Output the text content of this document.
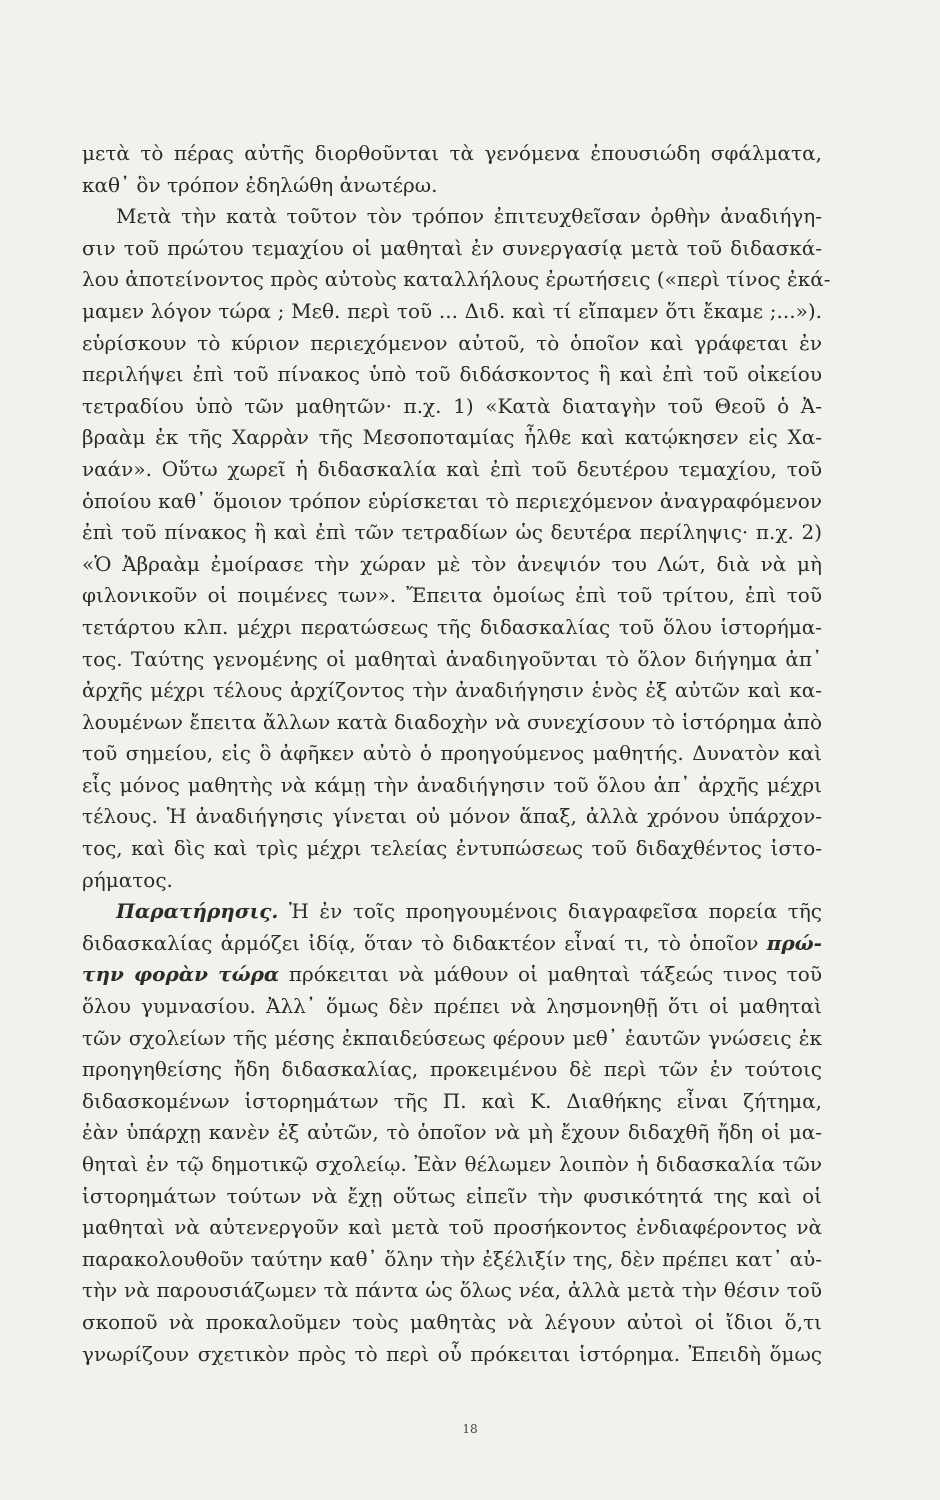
μετὰ τὸ πέρας αὐτῆς διορθοῦνται τὰ γενόμενα ἐπουσιώδη σφάλματα,
καθ᾽ ὃν τρόπον ἐδηλώθη ἀνωτέρω.
Μετὰ τὴν κατὰ τοῦτον τὸν τρόπον ἐπιτευχθεῖσαν ὀρθὴν ἀναδιήγη-
σιν τοῦ πρώτου τεμαχίου οἱ μαθηταὶ ἐν συνεργασίᾳ μετὰ τοῦ διδασκά-
λου ἀποτείνοντος πρὸς αὐτοὺς καταλλήλους ἐρωτήσεις («περὶ τίνος ἐκά-
μαμεν λόγον τώρα ; Μεθ. περὶ τοῦ ... Διδ. καὶ τί εἴπαμεν ὅτι ἔκαμε ;...»).
εὑρίσκουν τὸ κύριον περιεχόμενον αὐτοῦ, τὸ ὁποῖον καὶ γράφεται ἐν
περιλήψει ἐπὶ τοῦ πίνακος ὑπὸ τοῦ διδάσκοντος ἢ καὶ ἐπὶ τοῦ οἰκείου
τετραδίου ὑπὸ τῶν μαθητῶν· π.χ. 1) «Κατὰ διαταγὴν τοῦ Θεοῦ ὁ Ἀ-
βραὰμ ἐκ τῆς Χαρρὰν τῆς Μεσοποταμίας ἦλθε καὶ κατῴκησεν εἰς Χα-
ναάν». Οὕτω χωρεῖ ἡ διδασκαλία καὶ ἐπὶ τοῦ δευτέρου τεμαχίου, τοῦ
ὁποίου καθ᾽ ὅμοιον τρόπον εὑρίσκεται τὸ περιεχόμενον ἀναγραφόμενον
ἐπὶ τοῦ πίνακος ἢ καὶ ἐπὶ τῶν τετραδίων ὡς δευτέρα περίληψις· π.χ. 2)
«Ὁ Ἀβραὰμ ἐμοίρασε τὴν χώραν μὲ τὸν ἀνεψιόν του Λώτ, διὰ νὰ μὴ
φιλονικοῦν οἱ ποιμένες των». Ἔπειτα ὁμοίως ἐπὶ τοῦ τρίτου, ἐπὶ τοῦ
τετάρτου κλπ. μέχρι περατώσεως τῆς διδασκαλίας τοῦ ὅλου ἱστορήμα-
τος. Ταύτης γενομένης οἱ μαθηταὶ ἀναδιηγοῦνται τὸ ὅλον διήγημα ἀπ᾽
ἀρχῆς μέχρι τέλους ἀρχίζοντος τὴν ἀναδιήγησιν ἑνὸς ἐξ αὐτῶν καὶ κα-
λουμένων ἔπειτα ἄλλων κατὰ διαδοχὴν νὰ συνεχίσουν τὸ ἱστόρημα ἀπὸ
τοῦ σημείου, εἰς ὃ ἀφῆκεν αὐτὸ ὁ προηγούμενος μαθητής. Δυνατὸν καὶ
εἷς μόνος μαθητὴς νὰ κάμῃ τὴν ἀναδιήγησιν τοῦ ὅλου ἀπ᾽ ἀρχῆς μέχρι
τέλους. Ἡ ἀναδιήγησις γίνεται οὐ μόνον ἅπαξ, ἀλλὰ χρόνου ὑπάρχον-
τος, καὶ δὶς καὶ τρὶς μέχρι τελείας ἐντυπώσεως τοῦ διδαχθέντος ἱστο-
ρήματος.
Παρατήρησις. Ἡ ἐν τοῖς προηγουμένοις διαγραφεῖσα πορεία τῆς
διδασκαλίας ἁρμόζει ἰδίᾳ, ὅταν τὸ διδακτέον εἶναί τι, τὸ ὁποῖον πρώ-
την φορὰν τώρα πρόκειται νὰ μάθουν οἱ μαθηταὶ τάξεώς τινος τοῦ
ὅλου γυμνασίου. Ἀλλ᾽ ὅμως δὲν πρέπει νὰ λησμονηθῇ ὅτι οἱ μαθηταὶ
τῶν σχολείων τῆς μέσης ἐκπαιδεύσεως φέρουν μεθ᾽ ἑαυτῶν γνώσεις ἐκ
προηγηθείσης ἤδη διδασκαλίας, προκειμένου δὲ περὶ τῶν ἐν τούτοις
διδασκομένων ἱστορημάτων τῆς Π. καὶ Κ. Διαθήκης εἶναι ζήτημα,
ἐὰν ὑπάρχῃ κανὲν ἐξ αὐτῶν, τὸ ὁποῖον νὰ μὴ ἔχουν διδαχθῆ ἤδη οἱ μα-
θηταὶ ἐν τῷ δημοτικῷ σχολείῳ. Ἐὰν θέλωμεν λοιπὸν ἡ διδασκαλία τῶν
ἱστορημάτων τούτων νὰ ἔχῃ οὕτως εἰπεῖν τὴν φυσικότητά της καὶ οἱ
μαθηταὶ νὰ αὐτενεργοῦν καὶ μετὰ τοῦ προσήκοντος ἐνδιαφέροντος νὰ
παρακολουθοῦν ταύτην καθ᾽ ὅλην τὴν ἐξέλιξίν της, δὲν πρέπει κατ᾽ αὐ-
τὴν νὰ παρουσιάζωμεν τὰ πάντα ὡς ὅλως νέα, ἀλλὰ μετὰ τὴν θέσιν τοῦ
σκοποῦ νὰ προκαλοῦμεν τοὺς μαθητὰς νὰ λέγουν αὐτοὶ οἱ ἴδιοι ὅ,τι
γνωρίζουν σχετικὸν πρὸς τὸ περὶ οὗ πρόκειται ἱστόρημα. Ἐπειδὴ ὅμως
18
